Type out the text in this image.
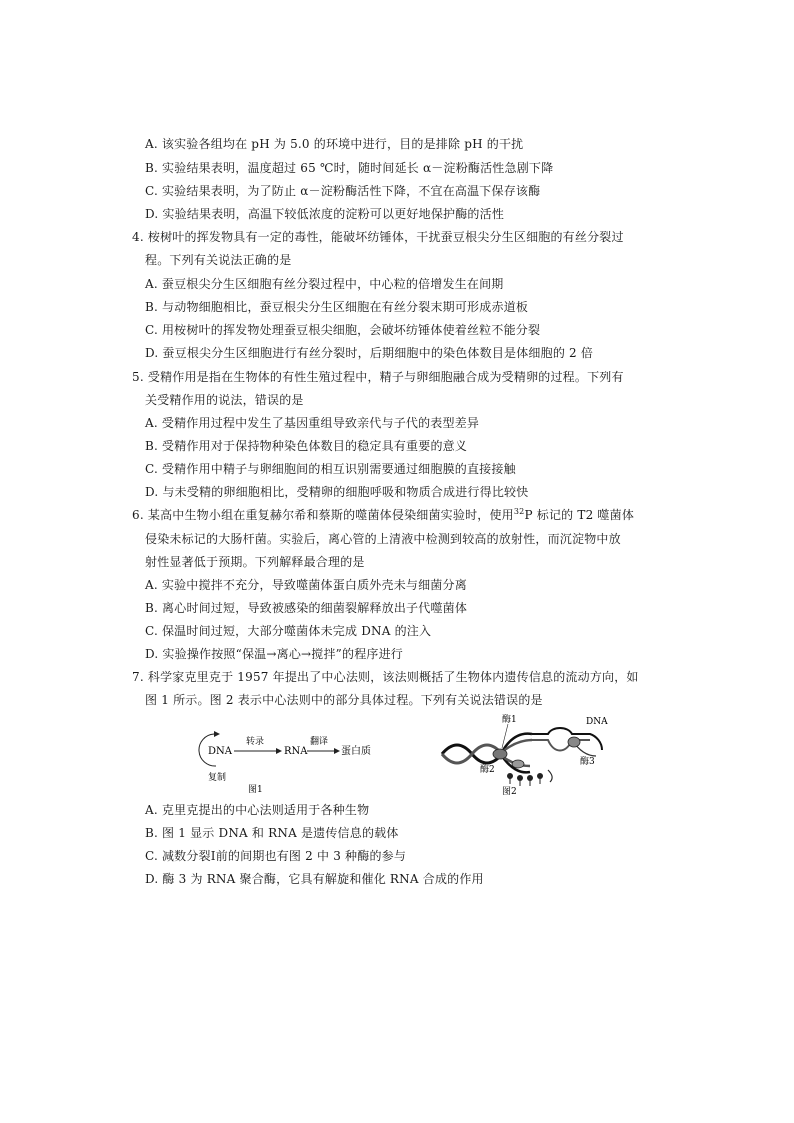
A. 该实验各组均在 pH 为 5.0 的环境中进行，目的是排除 pH 的干扰
B. 实验结果表明，温度超过 65 ℃时，随时间延长 α－淀粉酶活性急剧下降
C. 实验结果表明，为了防止 α－淀粉酶活性下降，不宜在高温下保存该酶
D. 实验结果表明，高温下较低浓度的淀粉可以更好地保护酶的活性
4. 桉树叶的挥发物具有一定的毒性，能破坏纺锤体，干扰蚕豆根尖分生区细胞的有丝分裂过
程。下列有关说法正确的是
A. 蚕豆根尖分生区细胞有丝分裂过程中，中心粒的倍增发生在间期
B. 与动物细胞相比，蚕豆根尖分生区细胞在有丝分裂末期可形成赤道板
C. 用桉树叶的挥发物处理蚕豆根尖细胞，会破坏纺锤体使着丝粒不能分裂
D. 蚕豆根尖分生区细胞进行有丝分裂时，后期细胞中的染色体数目是体细胞的 2 倍
5. 受精作用是指在生物体的有性生殖过程中，精子与卵细胞融合成为受精卵的过程。下列有
关受精作用的说法，错误的是
A. 受精作用过程中发生了基因重组导致亲代与子代的表型差异
B. 受精作用对于保持物种染色体数目的稳定具有重要的意义
C. 受精作用中精子与卵细胞间的相互识别需要通过细胞膜的直接接触
D. 与未受精的卵细胞相比，受精卵的细胞呼吸和物质合成进行得比较快
6. 某高中生物小组在重复赫尔希和蔡斯的噬菌体侵染细菌实验时，使用$^{32}$P 标记的 T2 噬菌体
侵染未标记的大肠杆菌。实验后，离心管的上清液中检测到较高的放射性，而沉淀物中放
射性显著低于预期。下列解释最合理的是
A. 实验中搅拌不充分，导致噬菌体蛋白质外壳未与细菌分离
B. 离心时间过短，导致被感染的细菌裂解释放出子代噬菌体
C. 保温时间过短，大部分噬菌体未完成 DNA 的注入
D. 实验操作按照“保温→离心→搅拌”的程序进行
7. 科学家克里克于 1957 年提出了中心法则，该法则概括了生物体内遗传信息的流动方向，如
图 1 所示。图 2 表示中心法则中的部分具体过程。下列有关说法错误的是
DNA
转录
RNA
翻译
蛋白质
复制
图1
酶1	DNA
酶2
酶3
图2
A. 克里克提出的中心法则适用于各种生物
B. 图 1 显示 DNA 和 RNA 是遗传信息的载体
C. 减数分裂Ⅰ前的间期也有图 2 中 3 种酶的参与
D. 酶 3 为 RNA 聚合酶，它具有解旋和催化 RNA 合成的作用
